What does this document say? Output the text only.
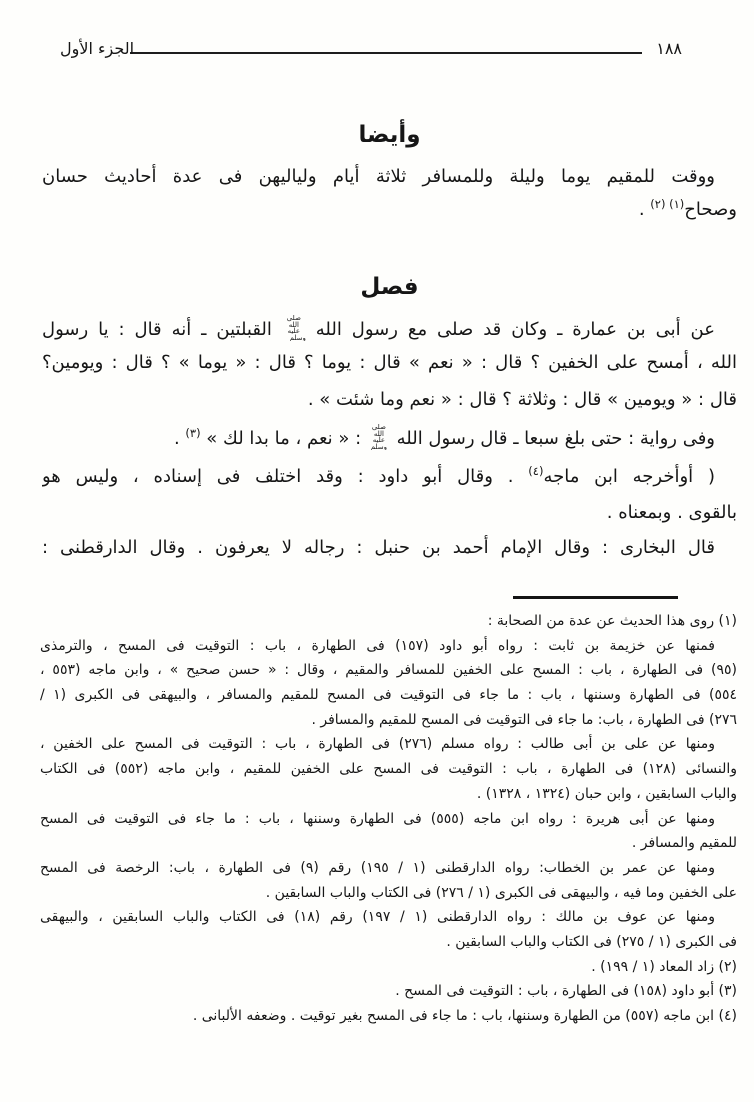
١٨٨
الجزء الأول
وأيضا
ووقت للمقيم يوما وليلة وللمسافر ثلاثة أيام ولياليهن فى عدة أحاديث حسان
وصحاح$^{(١) (٢)}$ .
فصل
عن أبى بن عمارة ـ وكان قد صلى مع رسول الله صلى الله عليه وسلم القبلتين ـ أنه قال : يا رسول
الله ، أمسح على الخفين ؟ قال : « نعم » قال : يوما ؟ قال : « يوما » ؟ قال : ويومين؟
قال : « ويومين » قال : وثلاثة ؟ قال : « نعم وما شئت » .
وفى رواية : حتى بلغ سبعا ـ قال رسول الله صلى الله عليه وسلم : « نعم ، ما بدا لك » $^{(٣)}$ .
( أوأخرجه ابن ماجه$^{(٤)}$ . وقال أبو داود : وقد اختلف فى إسناده ، وليس هو
بالقوى . وبمعناه .
قال البخارى : وقال الإمام أحمد بن حنبل : رجاله لا يعرفون . وقال الدارقطنى :
(١) روى هذا الحديث عن عدة من الصحابة :
فمنها عن خزيمة بن ثابت : رواه أبو داود (١٥٧) فى الطهارة ، باب : التوقيت فى المسح ، والترمذى
(٩٥) فى الطهارة ، باب : المسح على الخفين للمسافر والمقيم ، وقال : « حسن صحيح » ، وابن ماجه (٥٥٣ ،
٥٥٤) فى الطهارة وسننها ، باب : ما جاء فى التوقيت فى المسح للمقيم والمسافر ، والبيهقى فى الكبرى (١ /
٢٧٦) فى الطهارة ، باب: ما جاء فى التوقيت فى المسح للمقيم والمسافر .
ومنها عن على بن أبى طالب : رواه مسلم (٢٧٦) فى الطهارة ، باب : التوقيت فى المسح على الخفين ،
والنسائى (١٢٨) فى الطهارة ، باب : التوقيت فى المسح على الخفين للمقيم ، وابن ماجه (٥٥٢) فى الكتاب
والباب السابقين ، وابن حبان (١٣٢٤ ، ١٣٢٨) .
ومنها عن أبى هريرة : رواه ابن ماجه (٥٥٥) فى الطهارة وسننها ، باب : ما جاء فى التوقيت فى المسح
للمقيم والمسافر .
ومنها عن عمر بن الخطاب: رواه الدارقطنى (١ / ١٩٥) رقم (٩) فى الطهارة ، باب: الرخصة فى المسح
على الخفين وما فيه ، والبيهقى فى الكبرى (١ / ٢٧٦) فى الكتاب والباب السابقين .
ومنها عن عوف بن مالك : رواه الدارقطنى (١ / ١٩٧) رقم (١٨) فى الكتاب والباب السابقين ، والبيهقى
فى الكبرى (١ / ٢٧٥) فى الكتاب والباب السابقين .
(٢) زاد المعاد (١ / ١٩٩) .
(٣) أبو داود (١٥٨) فى الطهارة ، باب : التوقيت فى المسح .
(٤) ابن ماجه (٥٥٧) من الطهارة وسننها، باب : ما جاء فى المسح بغير توقيت . وضعفه الألبانى .
